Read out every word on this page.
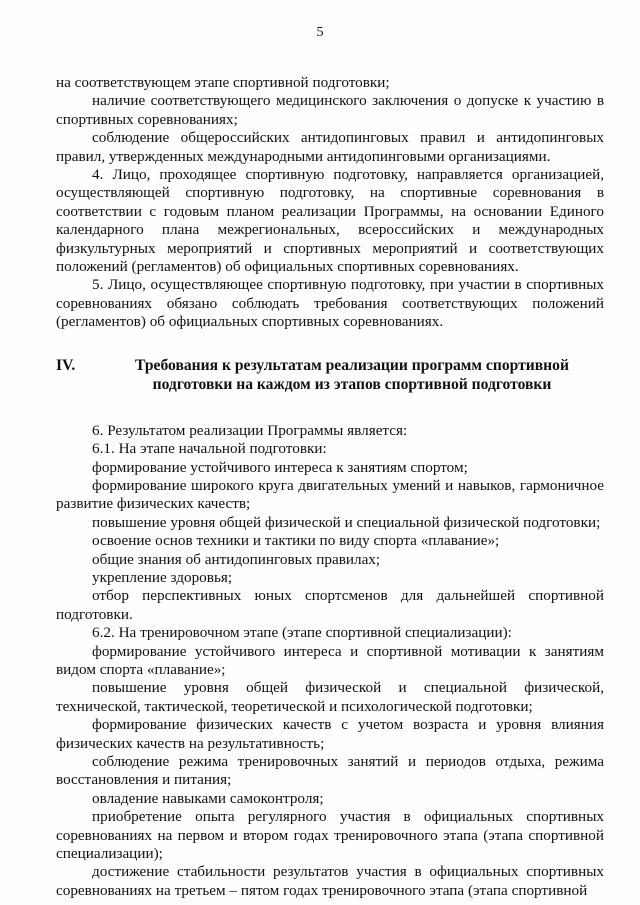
5

на соответствующем этапе спортивной подготовки;

наличие соответствующего медицинского заключения о допуске к участию в спортивных соревнованиях;

соблюдение общероссийских антидопинговых правил и антидопинговых правил, утвержденных международными антидопинговыми организациями.

4. Лицо, проходящее спортивную подготовку, направляется организацией, осуществляющей спортивную подготовку, на спортивные соревнования в соответствии с годовым планом реализации Программы, на основании Единого календарного плана межрегиональных, всероссийских и международных физкультурных мероприятий и спортивных мероприятий и соответствующих положений (регламентов) об официальных спортивных соревнованиях.

5. Лицо, осуществляющее спортивную подготовку, при участии в спортивных соревнованиях обязано соблюдать требования соответствующих положений (регламентов) об официальных спортивных соревнованиях.

IV.	Требования к результатам реализации программ спортивной подготовки на каждом из этапов спортивной подготовки

6. Результатом реализации Программы является:

6.1. На этапе начальной подготовки:

формирование устойчивого интереса к занятиям спортом;

формирование широкого круга двигательных умений и навыков, гармоничное развитие физических качеств;

повышение уровня общей физической и специальной физической подготовки;

освоение основ техники и тактики по виду спорта «плавание»;

общие знания об антидопинговых правилах;

укрепление здоровья;

отбор перспективных юных спортсменов для дальнейшей спортивной подготовки.

6.2. На тренировочном этапе (этапе спортивной специализации):

формирование устойчивого интереса и спортивной мотивации к занятиям видом спорта «плавание»;

повышение уровня общей физической и специальной физической, технической, тактической, теоретической и психологической подготовки;

формирование физических качеств с учетом возраста и уровня влияния физических качеств на результативность;

соблюдение режима тренировочных занятий и периодов отдыха, режима восстановления и питания;

овладение навыками самоконтроля;

приобретение опыта регулярного участия в официальных спортивных соревнованиях на первом и втором годах тренировочного этапа (этапа спортивной специализации);

достижение стабильности результатов участия в официальных спортивных соревнованиях на третьем – пятом годах тренировочного этапа (этапа спортивной
